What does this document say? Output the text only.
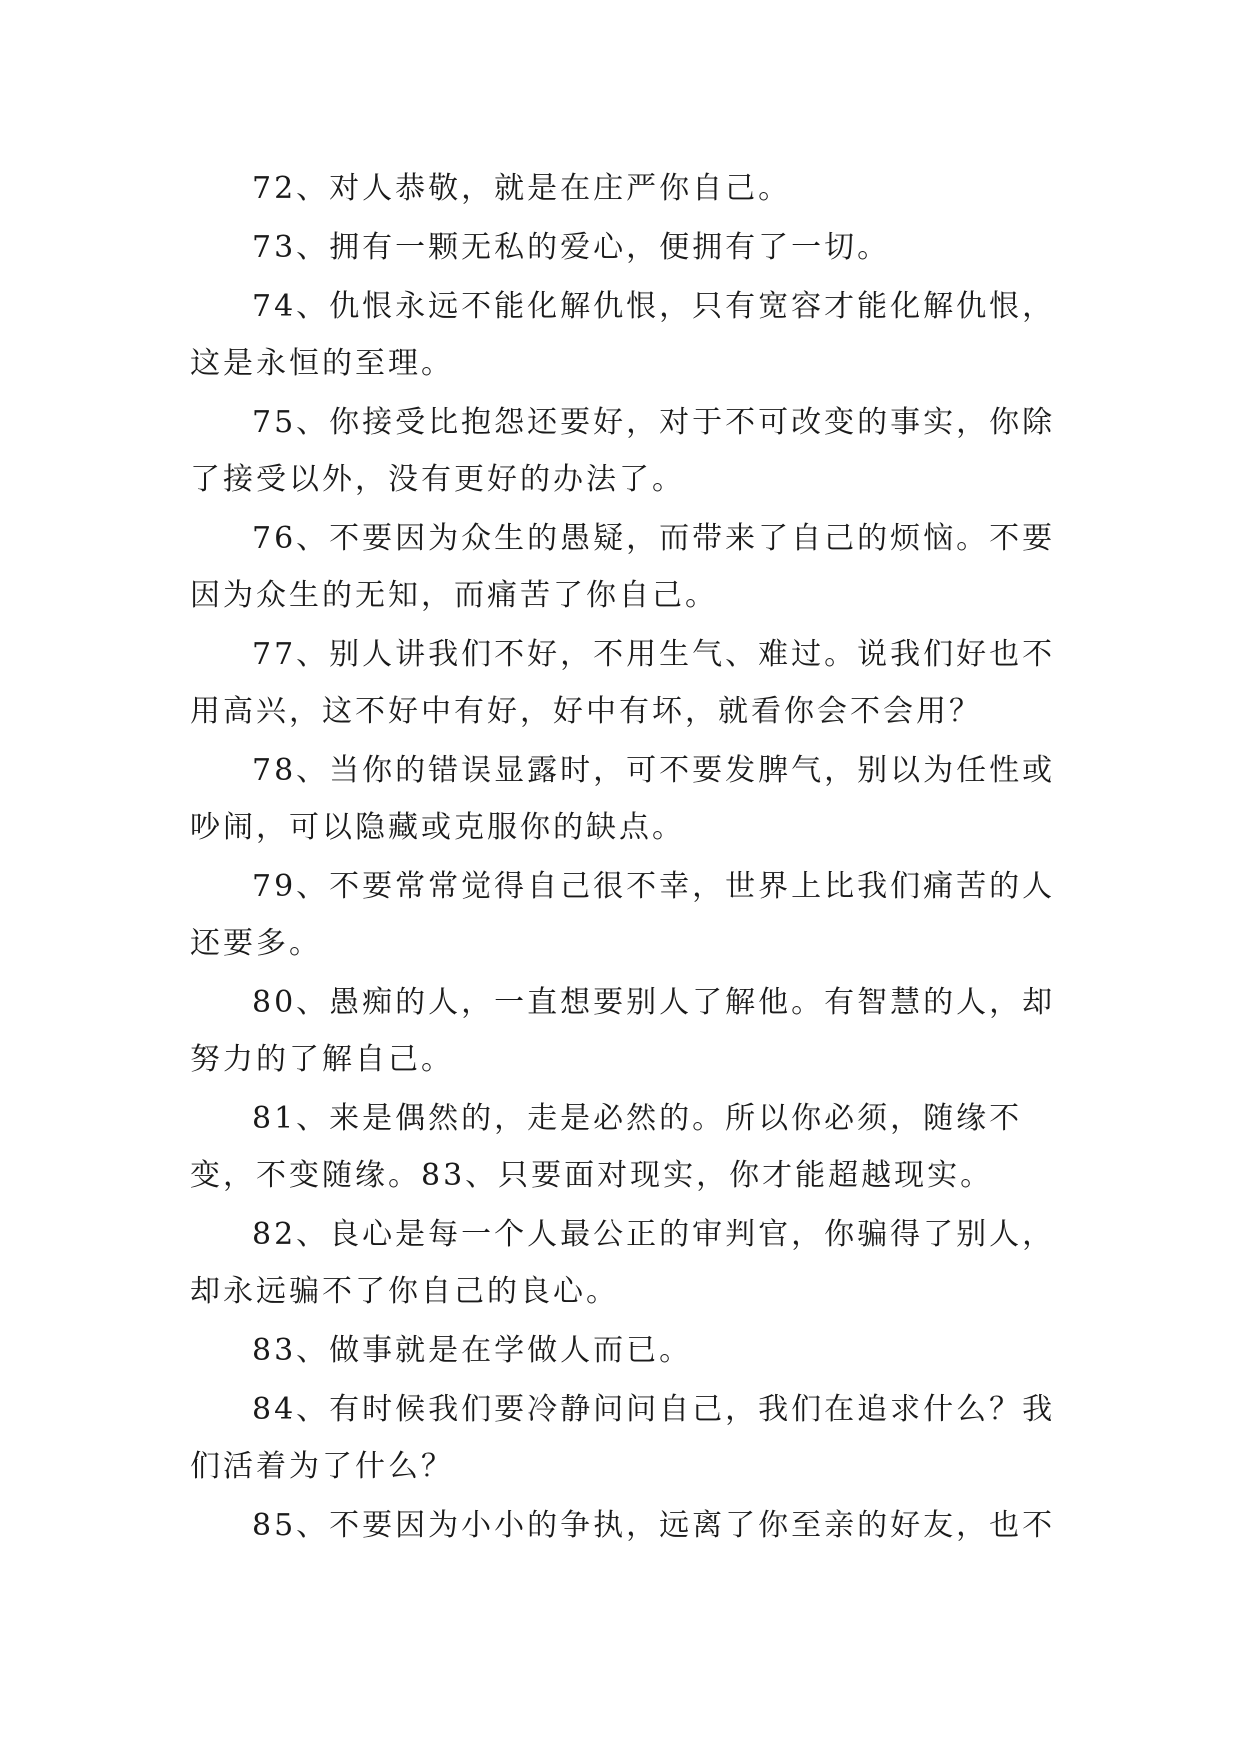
72、对人恭敬，就是在庄严你自己。

73、拥有一颗无私的爱心，便拥有了一切。

74、仇恨永远不能化解仇恨，只有宽容才能化解仇恨，这是永恒的至理。

75、你接受比抱怨还要好，对于不可改变的事实，你除了接受以外，没有更好的办法了。

76、不要因为众生的愚疑，而带来了自己的烦恼。不要因为众生的无知，而痛苦了你自己。

77、别人讲我们不好，不用生气、难过。说我们好也不用高兴，这不好中有好，好中有坏，就看你会不会用？

78、当你的错误显露时，可不要发脾气，别以为任性或吵闹，可以隐藏或克服你的缺点。

79、不要常常觉得自己很不幸，世界上比我们痛苦的人还要多。

80、愚痴的人，一直想要别人了解他。有智慧的人，却努力的了解自己。

81、来是偶然的，走是必然的。所以你必须，随缘不变，不变随缘。83、只要面对现实，你才能超越现实。

82、良心是每一个人最公正的审判官，你骗得了别人，却永远骗不了你自己的良心。

83、做事就是在学做人而已。

84、有时候我们要冷静问问自己，我们在追求什么？我们活着为了什么？

85、不要因为小小的争执，远离了你至亲的好友，也不
